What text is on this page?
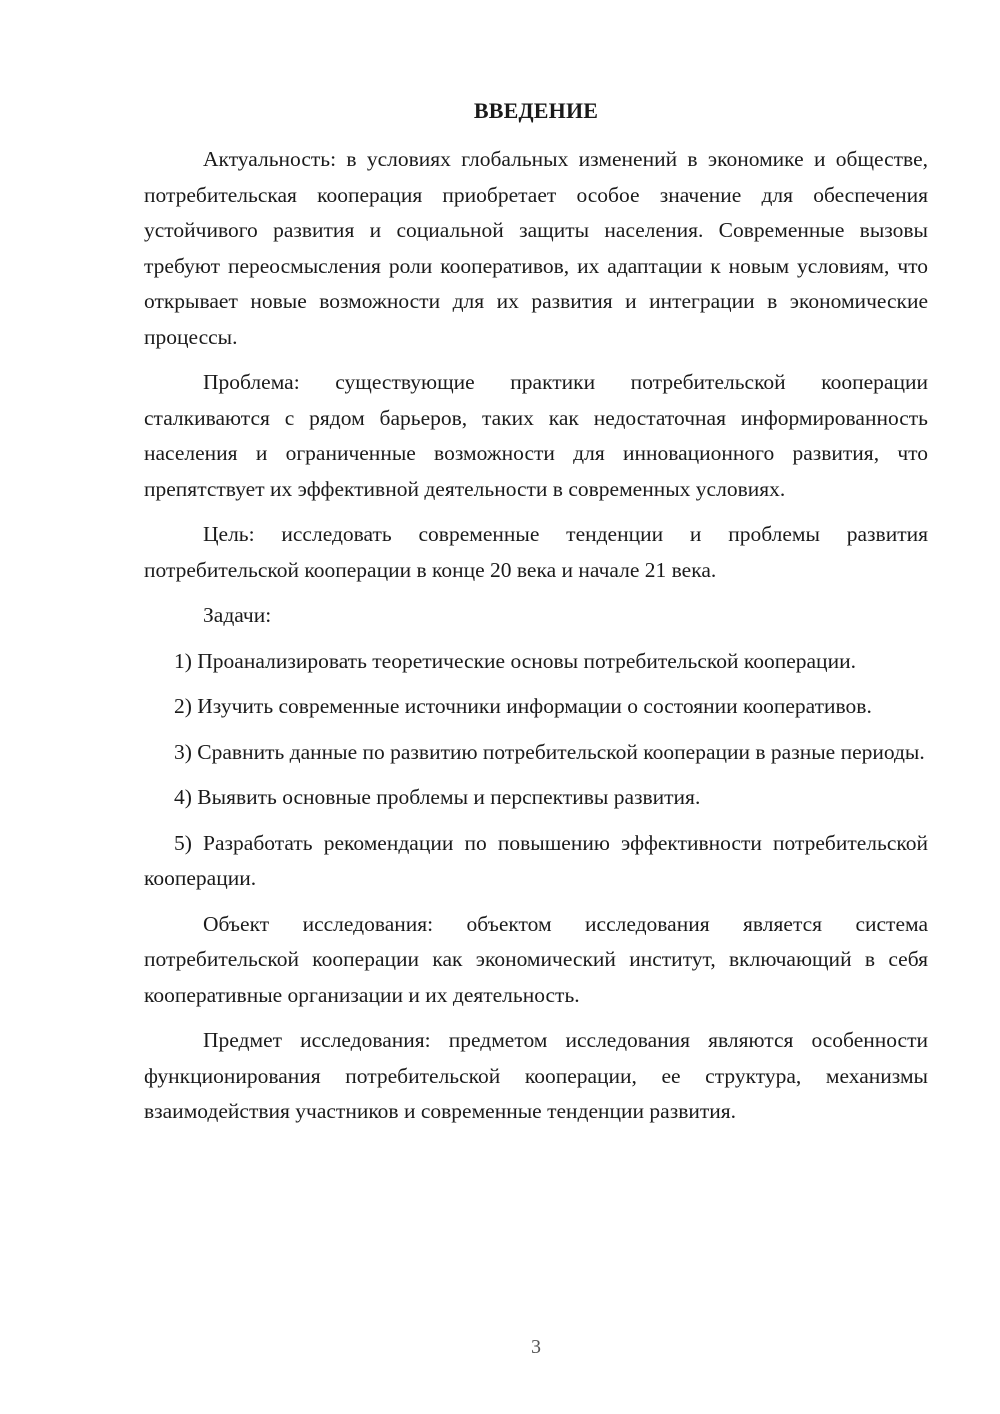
ВВЕДЕНИЕ

Актуальность: в условиях глобальных изменений в экономике и обществе, потребительская кооперация приобретает особое значение для обеспечения устойчивого развития и социальной защиты населения. Современные вызовы требуют переосмысления роли кооперативов, их адаптации к новым условиям, что открывает новые возможности для их развития и интеграции в экономические процессы.

Проблема: существующие практики потребительской кооперации сталкиваются с рядом барьеров, таких как недостаточная информированность населения и ограниченные возможности для инновационного развития, что препятствует их эффективной деятельности в современных условиях.

Цель: исследовать современные тенденции и проблемы развития потребительской кооперации в конце 20 века и начале 21 века.

Задачи:

1) Проанализировать теоретические основы потребительской кооперации.

2) Изучить современные источники информации о состоянии кооперативов.

3) Сравнить данные по развитию потребительской кооперации в разные периоды.

4) Выявить основные проблемы и перспективы развития.

5) Разработать рекомендации по повышению эффективности потребительской кооперации.

Объект исследования: объектом исследования является система потребительской кооперации как экономический институт, включающий в себя кооперативные организации и их деятельность.

Предмет исследования: предметом исследования являются особенности функционирования потребительской кооперации, ее структура, механизмы взаимодействия участников и современные тенденции развития.

3
